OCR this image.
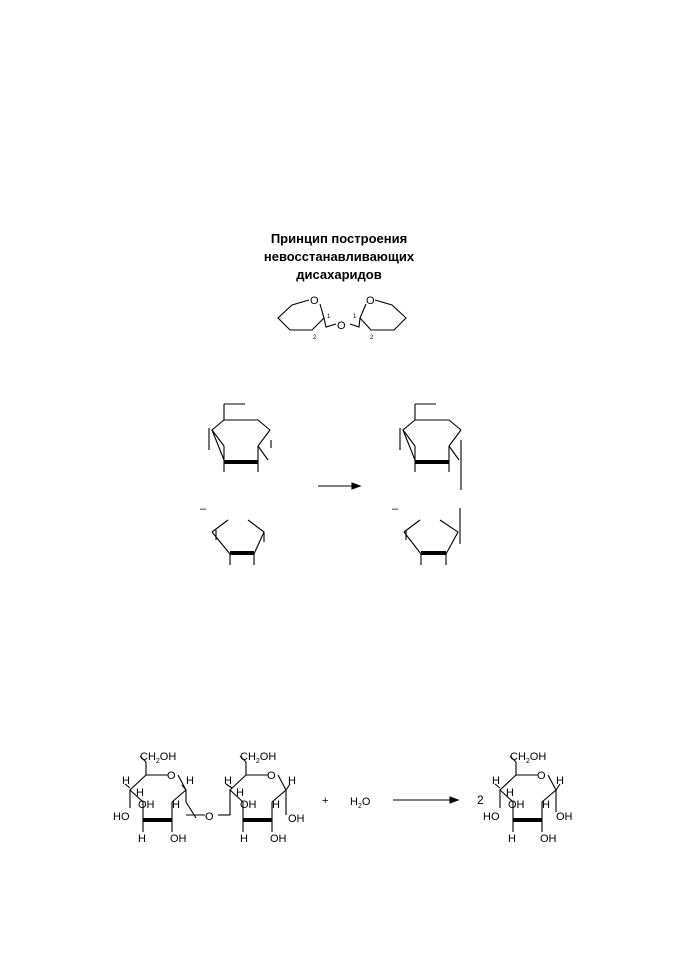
Принцип построения
невосстанавливающих
дисахаридов
O	O
O
1	1
2	2
–	–
$CH_2OH$
O
H
H
H
OH H
HO
H OH
O
$CH_2OH$
O
H
H
H
OH H
OH
H OH
+ $H_2O$	2
$CH_2OH$
O
H
H
H
OH H
HO	OH
H OH
